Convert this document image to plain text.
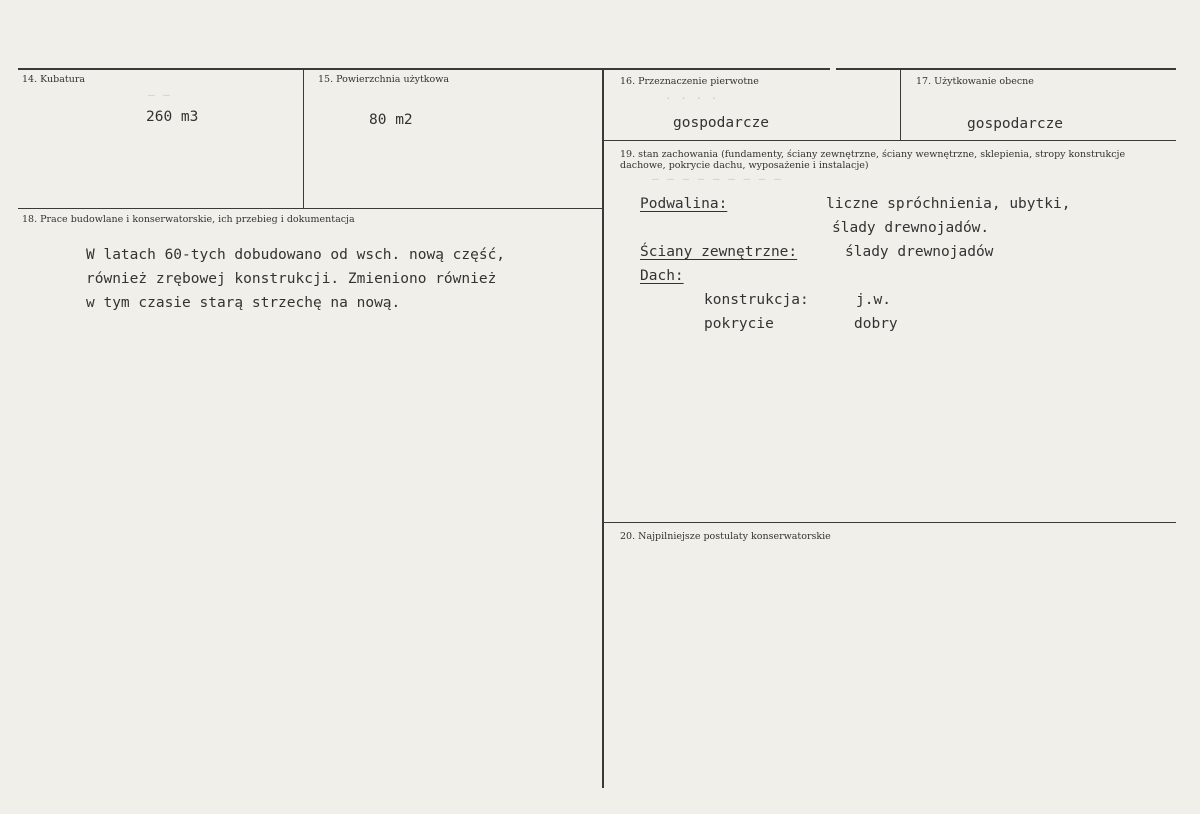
— —	· · · ·
— — — — — — — — —
14. Kubatura
260 m3
15. Powierzchnia użytkowa
80 m2
16. Przeznaczenie pierwotne
gospodarcze
17. Użytkowanie obecne
gospodarcze
18. Prace budowlane i konserwatorskie, ich przebieg i dokumentacja
W latach 60-tych dobudowano od wsch. nową część,
również zrębowej konstrukcji. Zmieniono również
w tym czasie starą strzechę na nową.
19. stan zachowania (fundamenty, ściany zewnętrzne, ściany wewnętrzne, sklepienia, stropy konstrukcje dachowe, pokrycie dachu, wyposażenie i instalacje)
Podwalina:	liczne spróchnienia, ubytki,
ślady drewnojadów.
Ściany zewnętrzne:	ślady drewnojadów
Dach:
konstrukcja:	j.w.
pokrycie	dobry
20. Najpilniejsze postulaty konserwatorskie
